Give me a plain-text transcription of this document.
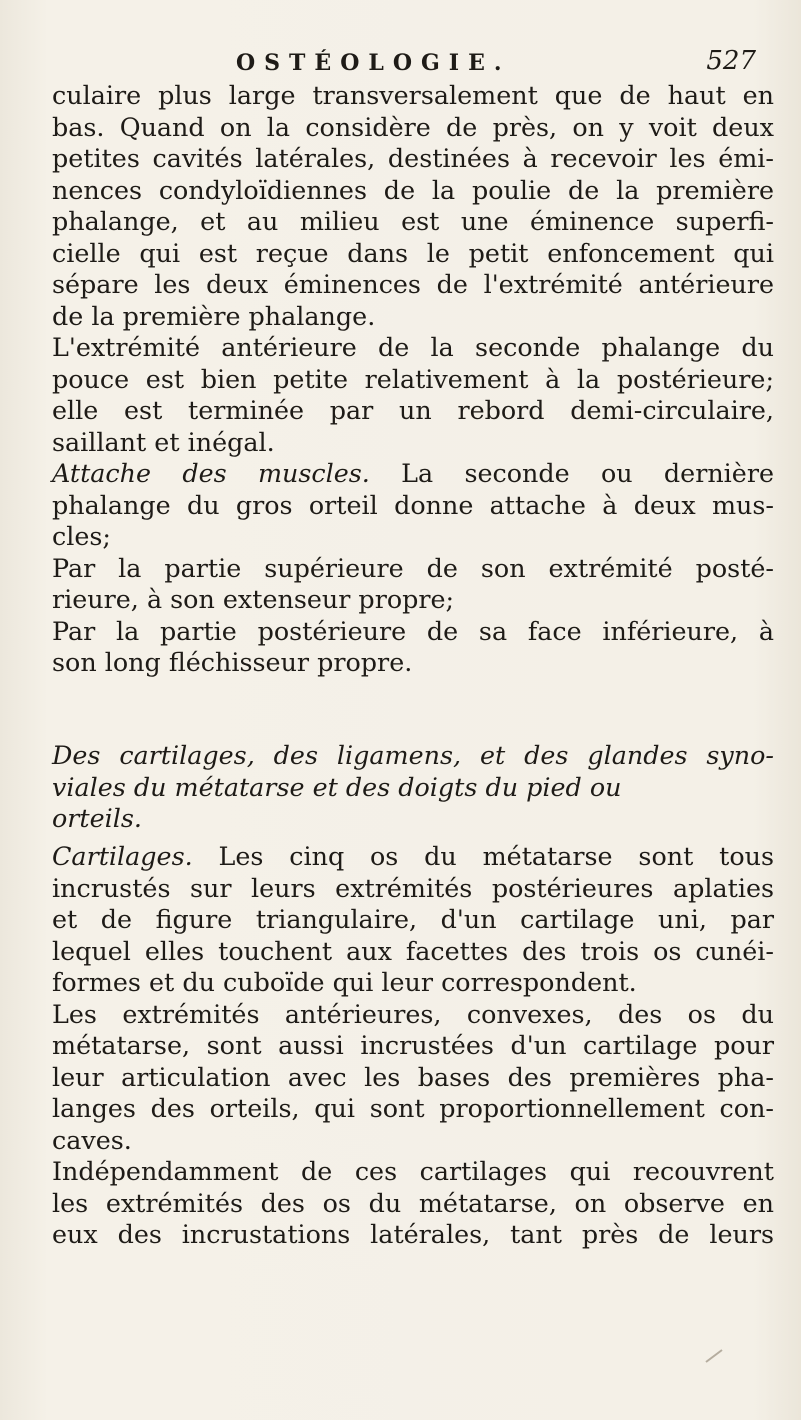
OSTÉOLOGIE.	527
culaire plus large transversalement que de haut en
bas. Quand on la considère de près, on y voit deux
petites cavités latérales, destinées à recevoir les émi-
nences condyloïdiennes de la poulie de la première
phalange, et au milieu est une éminence superfi-
cielle qui est reçue dans le petit enfoncement qui
sépare les deux éminences de l'extrémité antérieure
de la première phalange.
L'extrémité antérieure de la seconde phalange du
pouce est bien petite relativement à la postérieure;
elle est terminée par un rebord demi-circulaire,
saillant et inégal.
Attache des muscles. La seconde ou dernière
phalange du gros orteil donne attache à deux mus-
cles;
Par la partie supérieure de son extrémité posté-
rieure, à son extenseur propre;
Par la partie postérieure de sa face inférieure, à
son long fléchisseur propre.
Des cartilages, des ligamens, et des glandes syno-
viales du métatarse et des doigts du pied ou
orteils.
Cartilages. Les cinq os du métatarse sont tous
incrustés sur leurs extrémités postérieures aplaties
et de figure triangulaire, d'un cartilage uni, par
lequel elles touchent aux facettes des trois os cunéi-
formes et du cuboïde qui leur correspondent.
Les extrémités antérieures, convexes, des os du
métatarse, sont aussi incrustées d'un cartilage pour
leur articulation avec les bases des premières pha-
langes des orteils, qui sont proportionnellement con-
caves.
Indépendamment de ces cartilages qui recouvrent
les extrémités des os du métatarse, on observe en
eux des incrustations latérales, tant près de leurs
